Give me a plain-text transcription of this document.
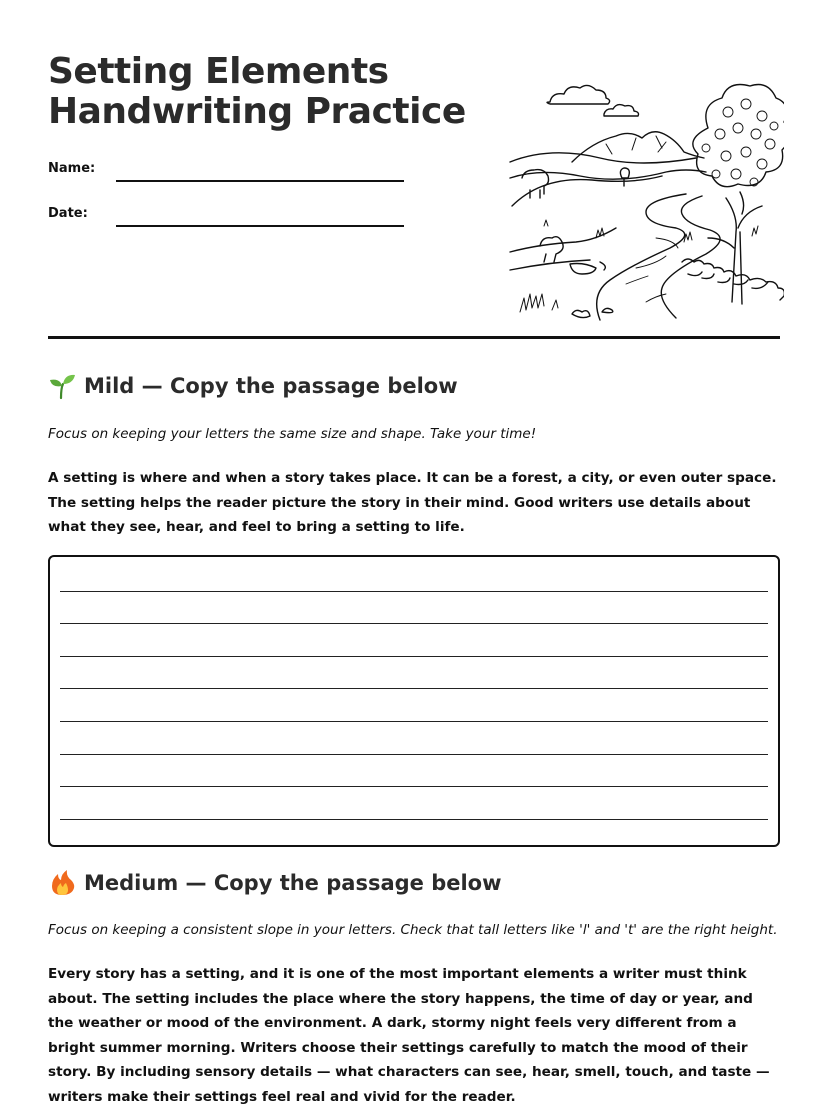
Setting Elements
Handwriting Practice
Name:
Date:
Mild — Copy the passage below
Focus on keeping your letters the same size and shape. Take your time!
A setting is where and when a story takes place. It can be a forest, a city, or even outer space. The setting helps the reader picture the story in their mind. Good writers use details about what they see, hear, and feel to bring a setting to life.
Medium — Copy the passage below
Focus on keeping a consistent slope in your letters. Check that tall letters like 'l' and 't' are the right height.
Every story has a setting, and it is one of the most important elements a writer must think about. The setting includes the place where the story happens, the time of day or year, and the weather or mood of the environment. A dark, stormy night feels very different from a bright summer morning. Writers choose their settings carefully to match the mood of their story. By including sensory details — what characters can see, hear, smell, touch, and taste — writers make their settings feel real and vivid for the reader.
